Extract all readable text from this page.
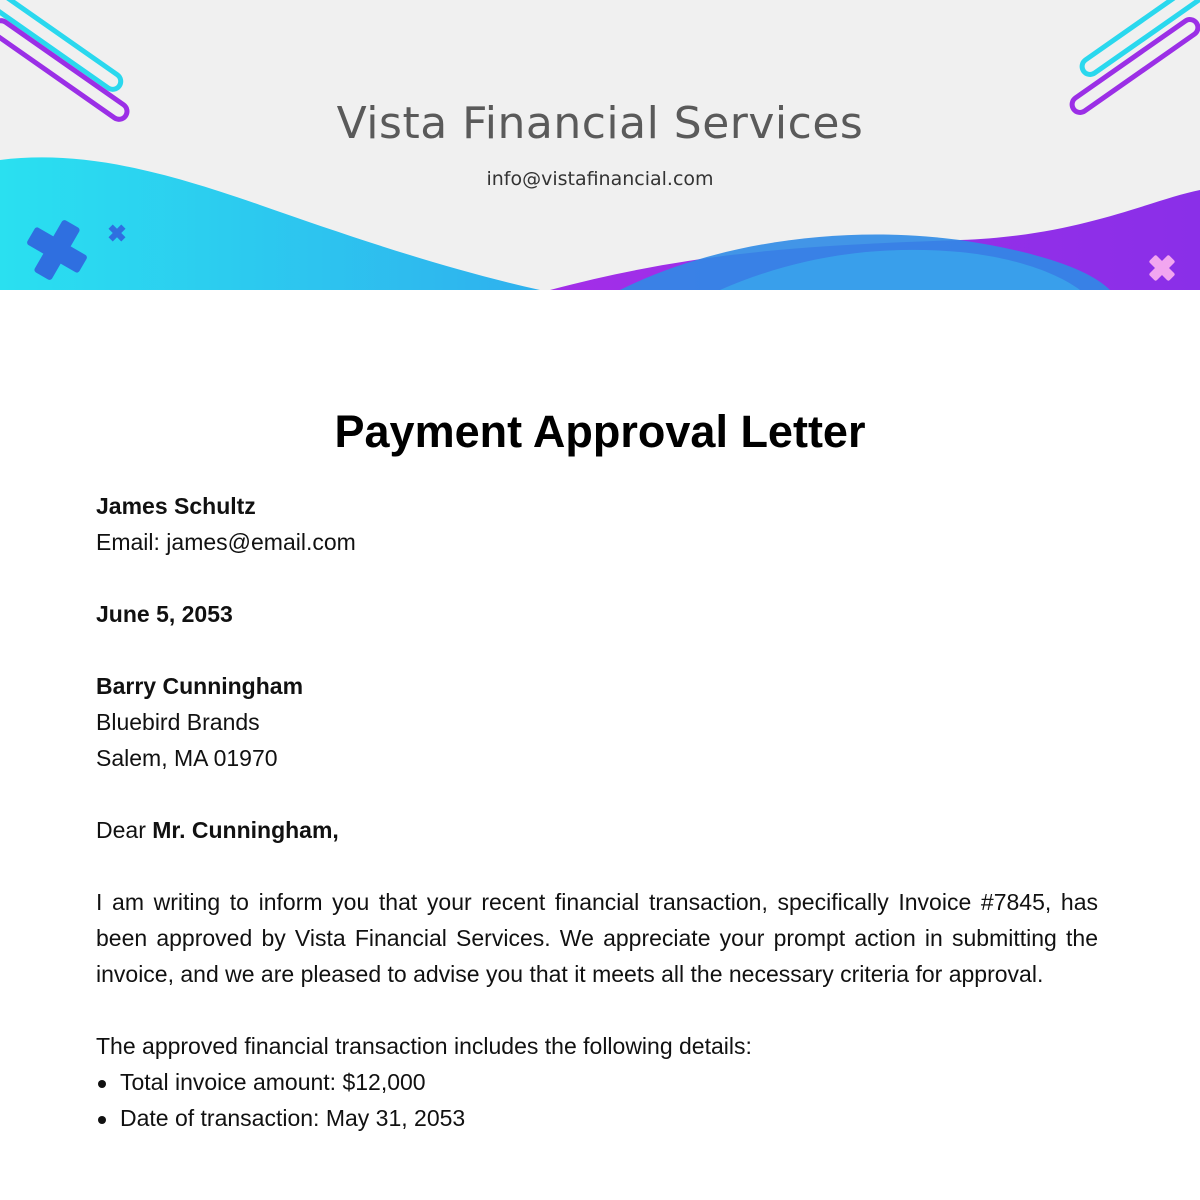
Vista Financial Services
info@vistafinancial.com
Payment Approval Letter

James Schultz

Email: james@email.com

June 5, 2053

Barry Cunningham

Bluebird Brands

Salem, MA 01970

Dear Mr. Cunningham,

I am writing to inform you that your recent financial transaction, specifically Invoice #7845, has been approved by Vista Financial Services. We appreciate your prompt action in submitting the invoice, and we are pleased to advise you that it meets all the necessary criteria for approval.

The approved financial transaction includes the following details:

Total invoice amount: $12,000
Date of transaction: May 31, 2053
